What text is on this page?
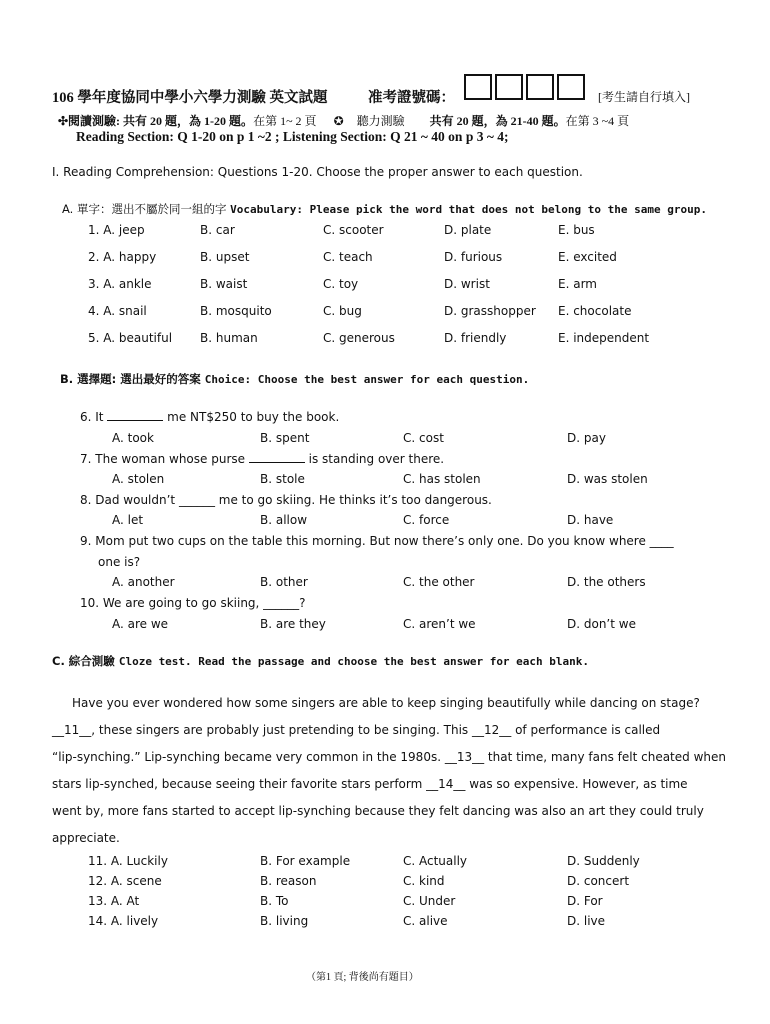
106 學年度協同中學小六學力測驗 英文試題	准考證號碼：	[考生請自行填入]
✣閱讀測驗: 共有 20 題，為 1-20 題。在第 1~ 2 頁 ✪ 聽力測驗 共有 20 題，為 21-40 題。在第 3 ~4 頁
Reading Section: Q 1-20 on p 1 ~2 ; Listening Section: Q 21 ~ 40 on p 3 ~ 4;
I. Reading Comprehension: Questions 1-20. Choose the proper answer to each question.
A. 單字：選出不屬於同一組的字 Vocabulary: Please pick the word that does not belong to the same group.
1. A. jeep	B. car	C. scooter	D. plate	E. bus
2. A. happy	B. upset	C. teach	D. furious	E. excited
3. A. ankle	B. waist	C. toy	D. wrist	E. arm
4. A. snail	B. mosquito	C. bug	D. grasshopper E. chocolate
5. A. beautiful B. human	C. generous	D. friendly	E. independent
B. 選擇題: 選出最好的答案 Choice: Choose the best answer for each question.
6. It	me NT$250 to buy the book.
A. took	B. spent	C. cost	D. pay
7. The woman whose purse	is standing over there.
A. stolen	B. stole	C. has stolen	D. was stolen
8. Dad wouldn’t ______ me to go skiing. He thinks it’s too dangerous.
A. let	B. allow	C. force	D. have
9. Mom put two cups on the table this morning. But now there’s only one. Do you know where ____
one is?
A. another	B. other	C. the other	D. the others
10. We are going to go skiing, ______?
A. are we	B. are they	C. aren’t we	D. don’t we
C. 綜合測驗 Cloze test. Read the passage and choose the best answer for each blank.
Have you ever wondered how some singers are able to keep singing beautifully while dancing on stage?
__11__, these singers are probably just pretending to be singing. This __12__ of performance is called
“lip-synching.” Lip-synching became very common in the 1980s. __13__ that time, many fans felt cheated when
stars lip-synched, because seeing their favorite stars perform __14__ was so expensive. However, as time
went by, more fans started to accept lip-synching because they felt dancing was also an art they could truly
appreciate.
11. A. Luckily	B. For example	C. Actually	D. Suddenly
12. A. scene	B. reason	C. kind	D. concert
13. A. At	B. To	C. Under	D. For
14. A. lively	B. living	C. alive	D. live
（第1 頁; 背後尚有題目）
